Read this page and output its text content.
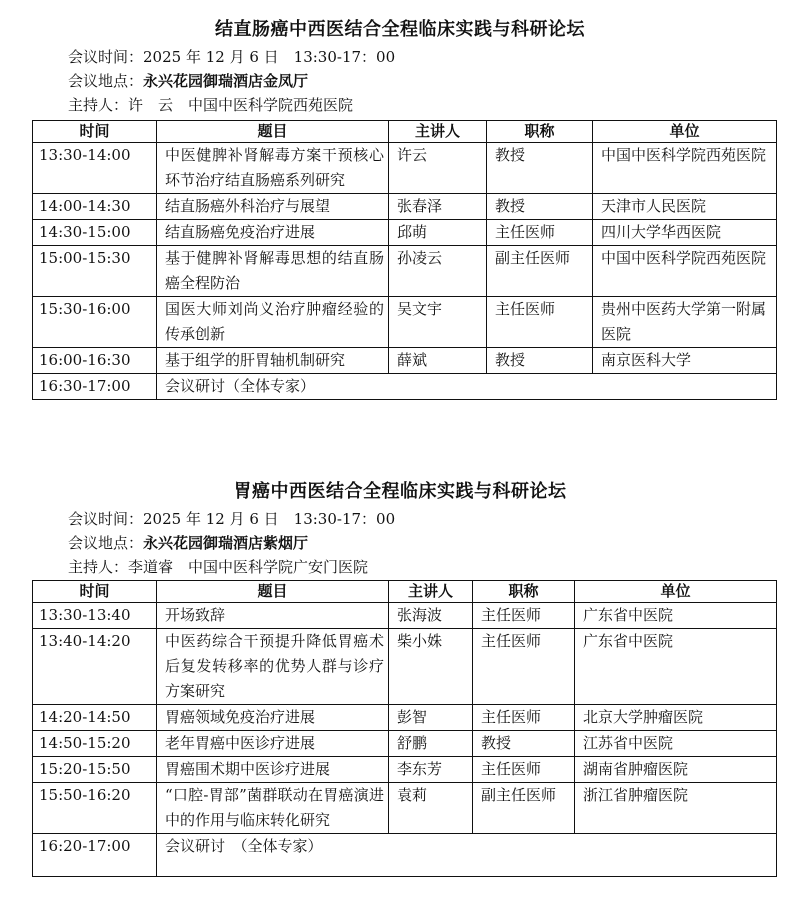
结直肠癌中西医结合全程临床实践与科研论坛
会议时间：2025 年 12 月 6 日　13:30-17：00
会议地点：永兴花园御瑞酒店金凤厅
主持人：许　云　中国中医科学院西苑医院
时间	题目	主讲人	职称	单位
13:30-14:00	中医健脾补肾解毒方案干预核心环节治疗结直肠癌系列研究	许云	教授	中国中医科学院西苑医院
14:00-14:30	结直肠癌外科治疗与展望	张春泽	教授	天津市人民医院
14:30-15:00	结直肠癌免疫治疗进展	邱萌	主任医师	四川大学华西医院
15:00-15:30	基于健脾补肾解毒思想的结直肠癌全程防治	孙凌云	副主任医师	中国中医科学院西苑医院
15:30-16:00	国医大师刘尚义治疗肿瘤经验的传承创新	吴文宇	主任医师	贵州中医药大学第一附属医院
16:00-16:30	基于组学的肝胃轴机制研究	薛斌	教授	南京医科大学
16:30-17:00	会议研讨（全体专家）			
胃癌中西医结合全程临床实践与科研论坛
会议时间：2025 年 12 月 6 日　13:30-17：00
会议地点：永兴花园御瑞酒店紫烟厅
主持人：李道睿　中国中医科学院广安门医院
时间	题目	主讲人	职称	单位
13:30-13:40	开场致辞	张海波	主任医师	广东省中医院
13:40-14:20	中医药综合干预提升降低胃癌术后复发转移率的优势人群与诊疗方案研究	柴小姝	主任医师	广东省中医院
14:20-14:50	胃癌领域免疫治疗进展	彭智	主任医师	北京大学肿瘤医院
14:50-15:20	老年胃癌中医诊疗进展	舒鹏	教授	江苏省中医院
15:20-15:50	胃癌围术期中医诊疗进展	李东芳	主任医师	湖南省肿瘤医院
15:50-16:20	“口腔-胃部”菌群联动在胃癌演进中的作用与临床转化研究	袁莉	副主任医师	浙江省肿瘤医院
16:20-17:00	会议研讨　（全体专家）			
